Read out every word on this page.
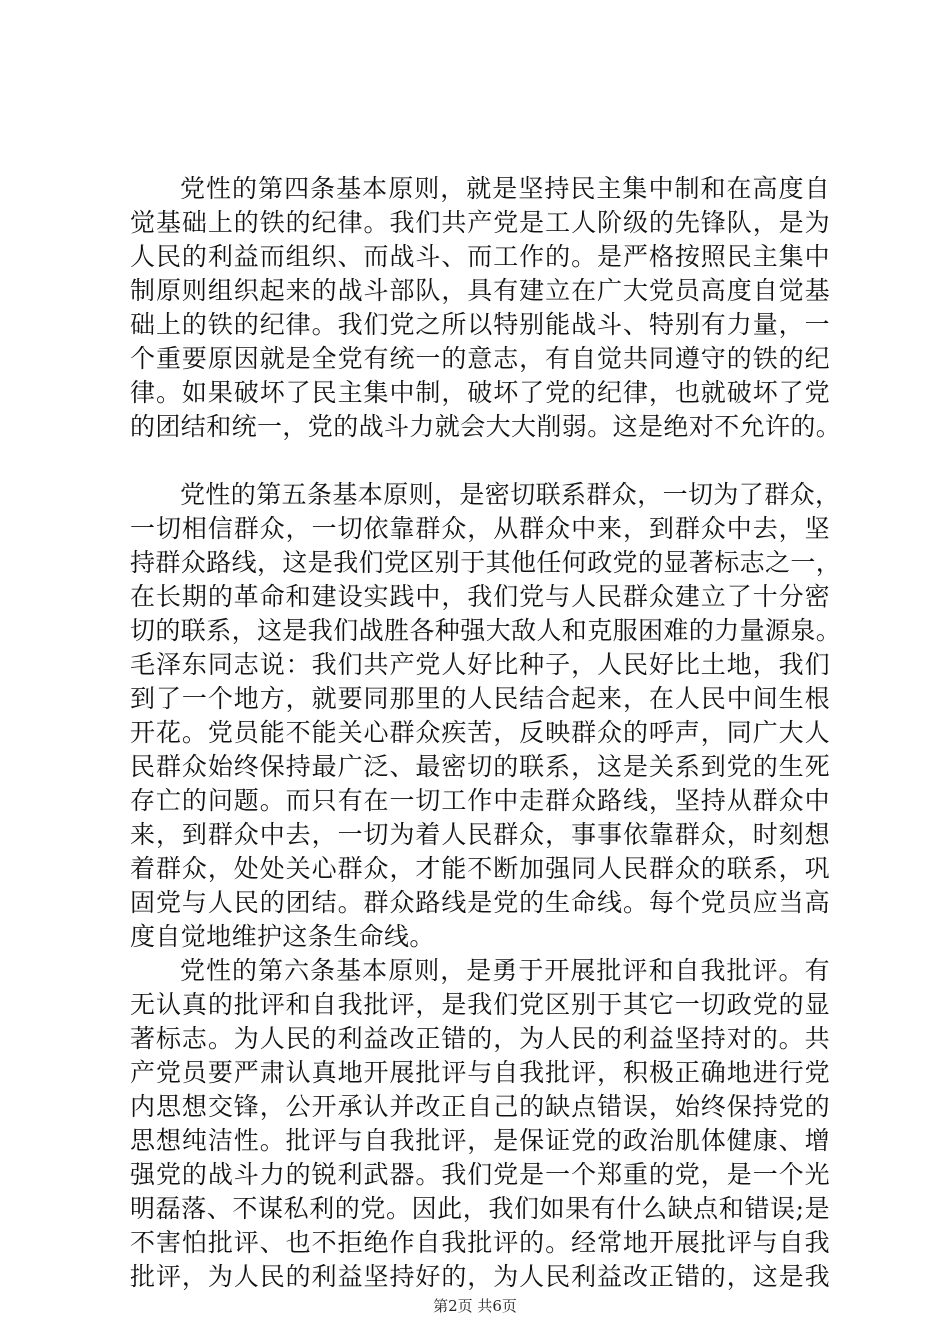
党性的第四条基本原则，就是坚持民主集中制和在高度自
觉基础上的铁的纪律。我们共产党是工人阶级的先锋队，是为
人民的利益而组织、而战斗、而工作的。是严格按照民主集中
制原则组织起来的战斗部队，具有建立在广大党员高度自觉基
础上的铁的纪律。我们党之所以特别能战斗、特别有力量，一
个重要原因就是全党有统一的意志，有自觉共同遵守的铁的纪
律。如果破坏了民主集中制，破坏了党的纪律，也就破坏了党
的团结和统一，党的战斗力就会大大削弱。这是绝对不允许的。
党性的第五条基本原则，是密切联系群众，一切为了群众，
一切相信群众，一切依靠群众，从群众中来，到群众中去，坚
持群众路线，这是我们党区别于其他任何政党的显著标志之一，
在长期的革命和建设实践中，我们党与人民群众建立了十分密
切的联系，这是我们战胜各种强大敌人和克服困难的力量源泉。
毛泽东同志说：我们共产党人好比种子，人民好比土地，我们
到了一个地方，就要同那里的人民结合起来，在人民中间生根
开花。党员能不能关心群众疾苦，反映群众的呼声，同广大人
民群众始终保持最广泛、最密切的联系，这是关系到党的生死
存亡的问题。而只有在一切工作中走群众路线，坚持从群众中
来，到群众中去，一切为着人民群众，事事依靠群众，时刻想
着群众，处处关心群众，才能不断加强同人民群众的联系，巩
固党与人民的团结。群众路线是党的生命线。每个党员应当高
度自觉地维护这条生命线。
党性的第六条基本原则，是勇于开展批评和自我批评。有
无认真的批评和自我批评，是我们党区别于其它一切政党的显
著标志。为人民的利益改正错的，为人民的利益坚持对的。共
产党员要严肃认真地开展批评与自我批评，积极正确地进行党
内思想交锋，公开承认并改正自己的缺点错误，始终保持党的
思想纯洁性。批评与自我批评，是保证党的政治肌体健康、增
强党的战斗力的锐利武器。我们党是一个郑重的党，是一个光
明磊落、不谋私利的党。因此，我们如果有什么缺点和错误;是
不害怕批评、也不拒绝作自我批评的。经常地开展批评与自我
批评，为人民的利益坚持好的，为人民利益改正错的，这是我
第2页 共6页
